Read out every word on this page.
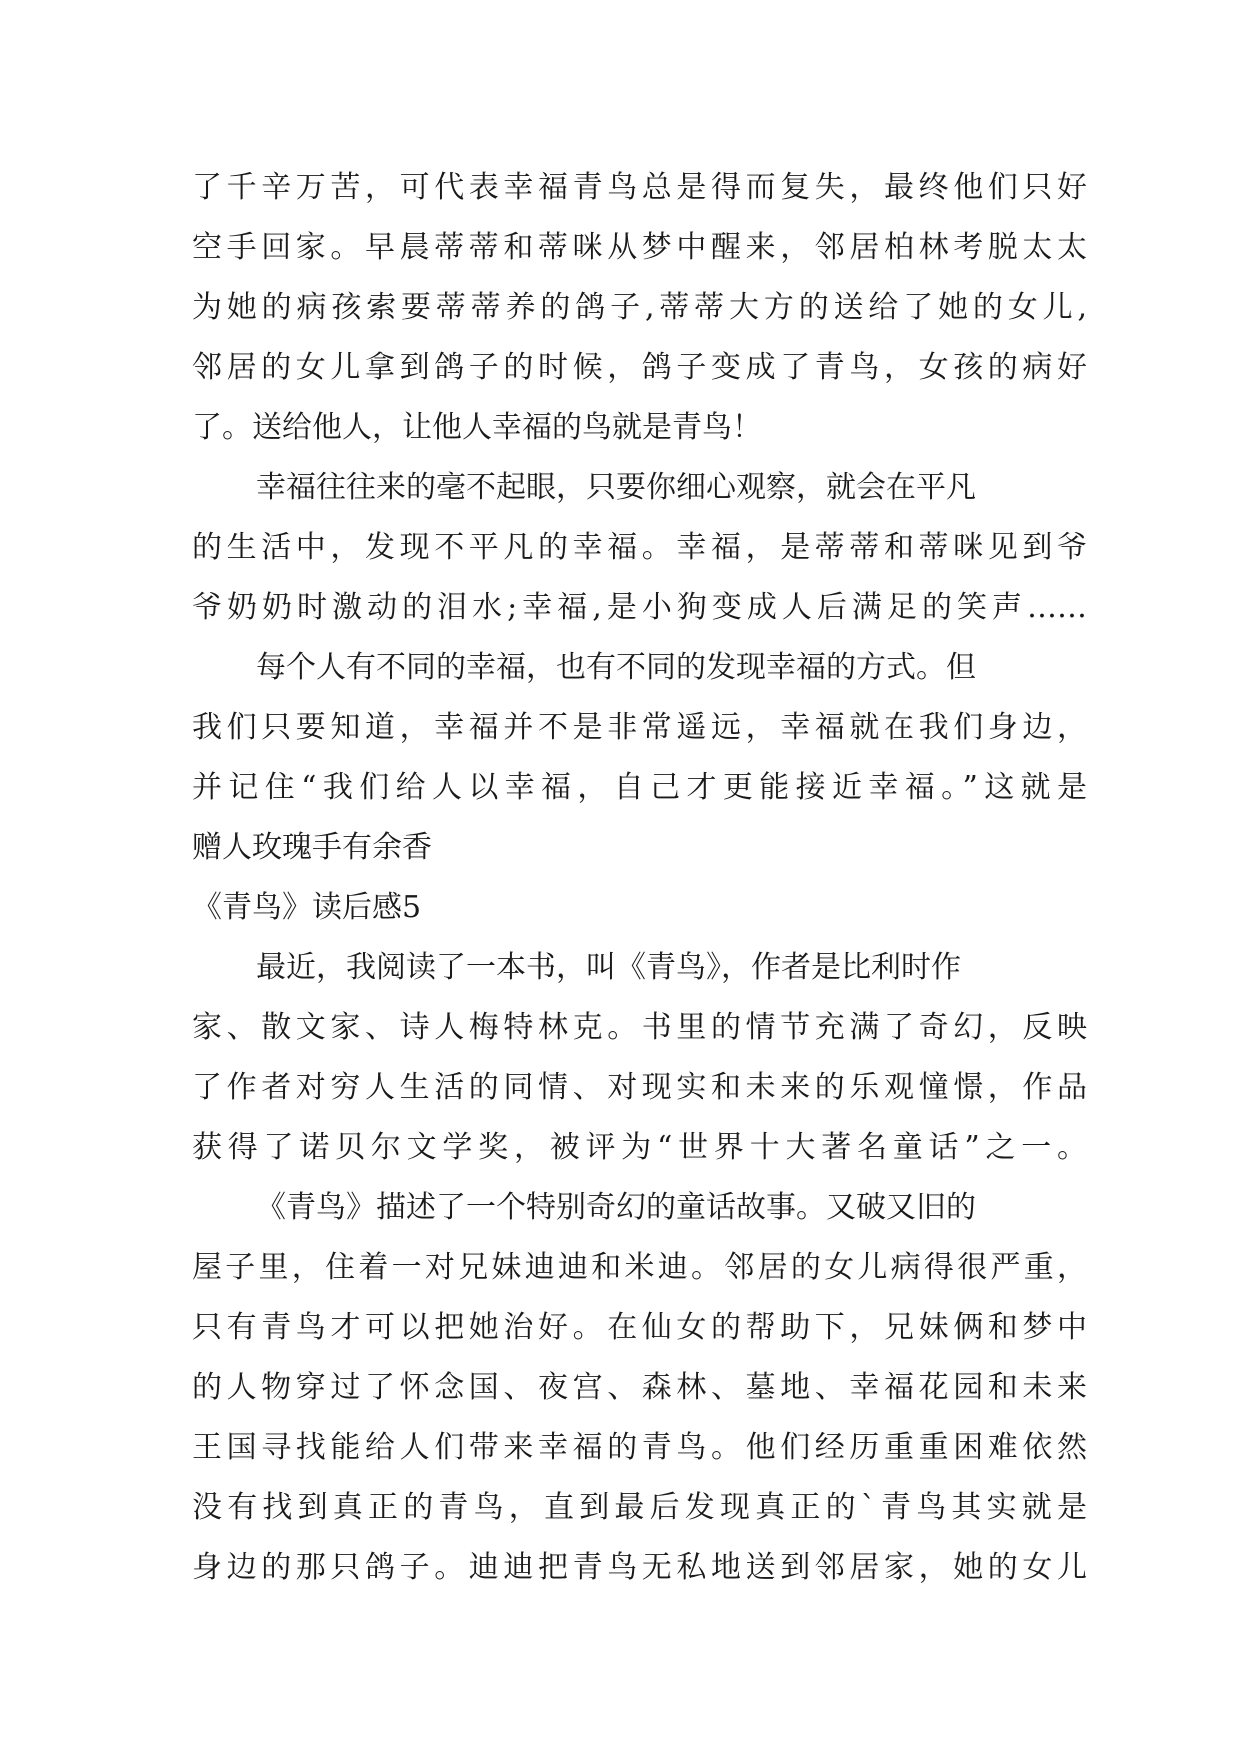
了千辛万苦，可代表幸福青鸟总是得而复失，最终他们只好
空手回家。早晨蒂蒂和蒂咪从梦中醒来，邻居柏林考脱太太
为她的病孩索要蒂蒂养的鸽子,蒂蒂大方的送给了她的女儿,
邻居的女儿拿到鸽子的时候，鸽子变成了青鸟，女孩的病好
了。送给他人，让他人幸福的鸟就是青鸟！
幸福往往来的毫不起眼，只要你细心观察，就会在平凡
的生活中，发现不平凡的幸福。幸福，是蒂蒂和蒂咪见到爷
爷奶奶时激动的泪水;幸福,是小狗变成人后满足的笑声……
每个人有不同的幸福，也有不同的发现幸福的方式。但
我们只要知道，幸福并不是非常遥远，幸福就在我们身边，
并记住“我们给人以幸福，自己才更能接近幸福。”这就是
赠人玫瑰手有余香
《青鸟》读后感5
最近，我阅读了一本书，叫《青鸟》，作者是比利时作
家、散文家、诗人梅特林克。书里的情节充满了奇幻，反映
了作者对穷人生活的同情、对现实和未来的乐观憧憬，作品
获得了诺贝尔文学奖，被评为“世界十大著名童话”之一。
《青鸟》描述了一个特别奇幻的童话故事。又破又旧的
屋子里，住着一对兄妹迪迪和米迪。邻居的女儿病得很严重，
只有青鸟才可以把她治好。在仙女的帮助下，兄妹俩和梦中
的人物穿过了怀念国、夜宫、森林、墓地、幸福花园和未来
王国寻找能给人们带来幸福的青鸟。他们经历重重困难依然
没有找到真正的青鸟，直到最后发现真正的`青鸟其实就是
身边的那只鸽子。迪迪把青鸟无私地送到邻居家，她的女儿
